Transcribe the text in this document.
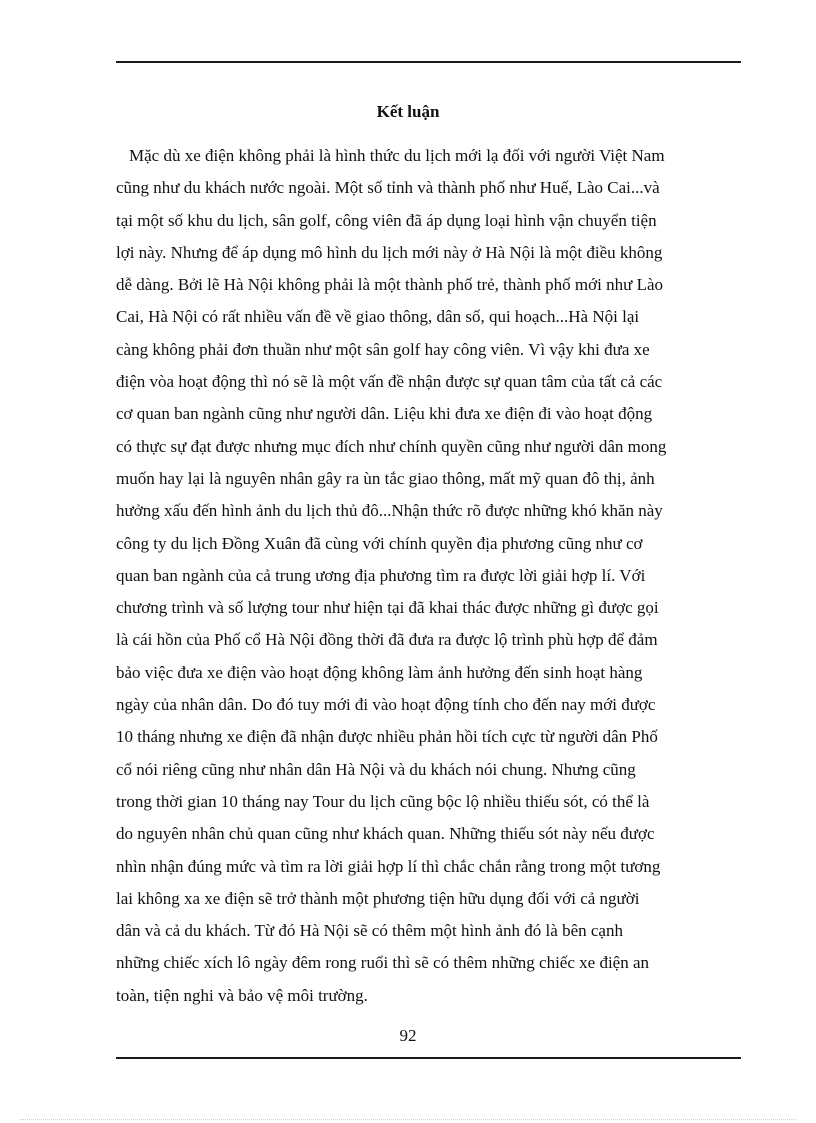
Kết luận
Mặc dù xe điện không phải là hình thức du lịch mới lạ đối với người Việt Nam
cũng như du khách nước ngoài. Một số tỉnh và thành phố như Huế, Lào Cai...và
tại một số khu du lịch, sân golf, công viên đã áp dụng loại hình vận chuyển tiện
lợi này. Nhưng để áp dụng mô hình du lịch mới này ở Hà Nội là một điều không
dễ dàng. Bởi lẽ Hà Nội không phải là một thành phố trẻ, thành phố mới như Lào
Cai, Hà Nội có rất nhiều vấn đề về giao thông, dân số, qui hoạch...Hà Nội lại
càng không phải đơn thuần như một sân golf hay công viên. Vì vậy khi đưa xe
điện vòa hoạt động thì nó sẽ là một vấn đề nhận được sự quan tâm của tất cả các
cơ quan ban ngành cũng như người dân. Liệu khi đưa xe điện đi vào hoạt động
có thực sự đạt được nhưng mục đích như chính quyền cũng như người dân mong
muốn hay lại là nguyên nhân gây ra ùn tắc giao thông, mất mỹ quan đô thị, ảnh
hưởng xấu đến hình ảnh du lịch thủ đô...Nhận thức rõ được những khó khăn này
công ty du lịch Đồng Xuân đã cùng với chính quyền địa phương cũng như cơ
quan ban ngành của cả trung ương địa phương tìm ra được lời giải hợp lí. Với
chương trình và số lượng tour như hiện tại đã khai thác được những gì được gọi
là cái hồn của Phố cổ Hà Nội đồng thời đã đưa ra được lộ trình phù hợp để đảm
bảo việc đưa xe điện vào hoạt động không làm ảnh hưởng đến sinh hoạt hàng
ngày của nhân dân. Do đó tuy mới đi vào hoạt động tính cho đến nay mới được
10 tháng nhưng xe điện đã nhận được nhiều phản hồi tích cực từ người dân Phố
cổ nói riêng cũng như nhân dân Hà Nội và du khách nói chung. Nhưng cũng
trong thời gian 10 tháng nay Tour du lịch cũng bộc lộ nhiều thiếu sót, có thể là
do nguyên nhân chủ quan cũng như khách quan. Những thiếu sót này nếu được
nhìn nhận đúng mức và tìm ra lời giải hợp lí thì chắc chắn rằng trong một tương
lai không xa xe điện sẽ trở thành một phương tiện hữu dụng đối với cả người
dân và cả du khách. Từ đó Hà Nội sẽ có thêm một hình ảnh đó là bên cạnh
những chiếc xích lô ngày đêm rong ruổi thì sẽ có thêm những chiếc xe điện an
toàn, tiện nghi và bảo vệ môi trường.
92
